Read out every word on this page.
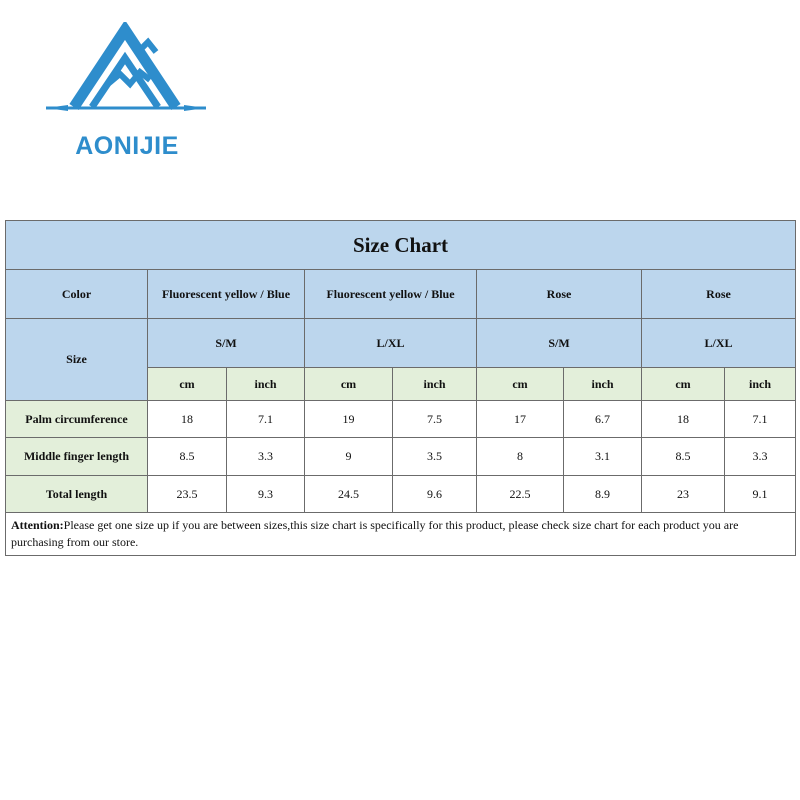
AONIJIE
Size Chart								
Color	Fluorescent yellow / Blue		Fluorescent yellow / Blue		Rose		Rose	
Size	S/M		L/XL		S/M		L/XL	
	cm	inch	cm	inch	cm	inch	cm	inch
Palm circumference	18	7.1	19	7.5	17	6.7	18	7.1
Middle finger length	8.5	3.3	9	3.5	8	3.1	8.5	3.3
Total length	23.5	9.3	24.5	9.6	22.5	8.9	23	9.1
Attention:Please get one size up if you are between sizes,this size chart is specifically for this product, please check size chart for each product you are purchasing from our store.								
